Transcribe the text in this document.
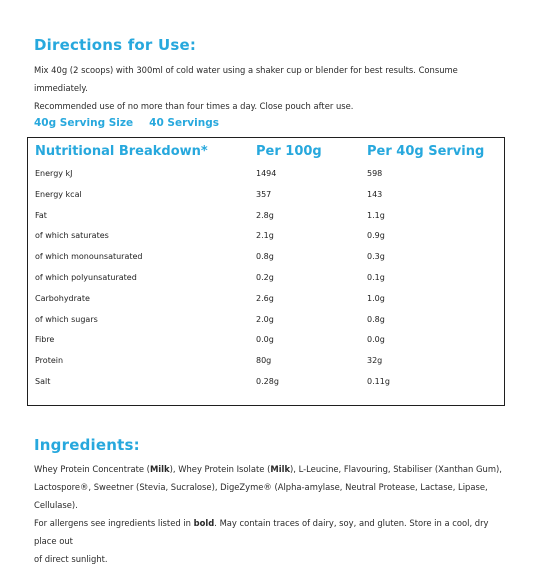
Directions for Use:

Mix 40g (2 scoops) with 300ml of cold water using a shaker cup or blender for best results. Consume immediately.
Recommended use of no more than four times a day. Close pouch after use.

40g Serving Size 40 Servings
Nutritional Breakdown*	Per 100g	Per 40g Serving
Energy kJ	1494	598
Energy kcal	357	143
Fat	2.8g	1.1g
of which saturates	2.1g	0.9g
of which monounsaturated	0.8g	0.3g
of which polyunsaturated	0.2g	0.1g
Carbohydrate	2.6g	1.0g
of which sugars	2.0g	0.8g
Fibre	0.0g	0.0g
Protein	80g	32g
Salt	0.28g	0.11g
Ingredients:

Whey Protein Concentrate (Milk), Whey Protein Isolate (Milk), L-Leucine, Flavouring, Stabiliser (Xanthan Gum),
Lactospore®, Sweetner (Stevia, Sucralose), DigeZyme® (Alpha-amylase, Neutral Protease, Lactase, Lipase, Cellulase).
For allergens see ingredients listed in bold. May contain traces of dairy, soy, and gluten. Store in a cool, dry place out
of direct sunlight.
